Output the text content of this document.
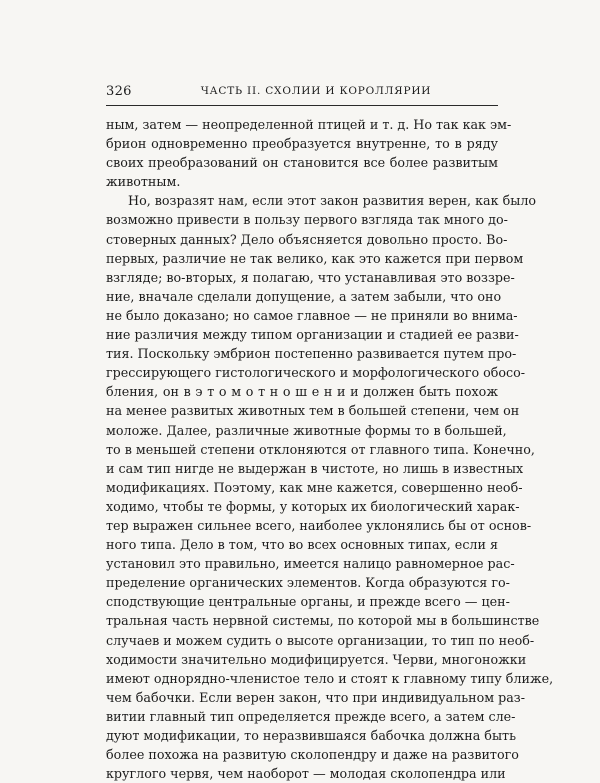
326	ЧАСТЬ II. СХОЛИИ И КОРОЛЛЯРИИ
ным, затем — неопределенной птицей и т. д. Но так как эм-
брион одновременно преобразуется внутренне, то в ряду
своих преобразований он становится все более развитым
животным.
Но, возразят нам, если этот закон развития верен, как было
возможно привести в пользу первого взгляда так много до-
стоверных данных? Дело объясняется довольно просто. Во-
первых, различие не так велико, как это кажется при первом
взгляде; во-вторых, я полагаю, что устанавливая это воззре-
ние, вначале сделали допущение, а затем забыли, что оно
не было доказано; но самое главное — не приняли во внима-
ние различия между типом организации и стадией ее разви-
тия. Поскольку эмбрион постепенно развивается путем про-
грессирующего гистологического и морфологического обосо-
бления, он в э т о м о т н о ш е н и и должен быть похож
на менее развитых животных тем в большей степени, чем он
моложе. Далее, различные животные формы то в большей,
то в меньшей степени отклоняются от главного типа. Конечно,
и сам тип нигде не выдержан в чистоте, но лишь в известных
модификациях. Поэтому, как мне кажется, совершенно необ-
ходимо, чтобы те формы, у которых их биологический харак-
тер выражен сильнее всего, наиболее уклонялись бы от основ-
ного типа. Дело в том, что во всех основных типах, если я
установил это правильно, имеется налицо равномерное рас-
пределение органических элементов. Когда образуются го-
сподствующие центральные органы, и прежде всего — цен-
тральная часть нервной системы, по которой мы в большинстве
случаев и можем судить о высоте организации, то тип по необ-
ходимости значительно модифицируется. Черви, многоножки
имеют однорядно-членистое тело и стоят к главному типу ближе,
чем бабочки. Если верен закон, что при индивидуальном раз-
витии главный тип определяется прежде всего, а затем сле-
дуют модификации, то неразвившаяся бабочка должна быть
более похожа на развитую сколопендру и даже на развитого
круглого червя, чем наоборот — молодая сколопендра или
